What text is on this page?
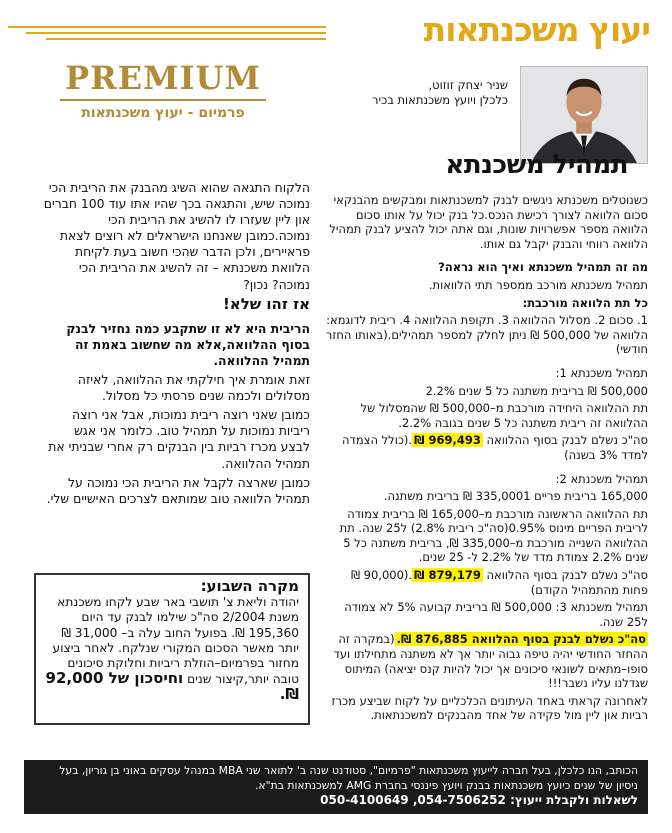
יעוץ משכנתאות
PREMIUM
פרמיום - יעוץ משכנתאות
שניר יצחק זוזוט,
כלכלן ויועץ משכנתאות בכיר
תמהיל משכנתא

כשנוטלים משכנתא ניגשים לבנק למשכנתאות ומבקשים מהבנקאי סכום הלוואה לצורך רכישת הנכס.כל בנק יכול על אותו סכום הלוואה מספר אפשרויות שונות, וגם אתה יכול להציע לבנק תמהיל הלוואה רווחי והבנק יקבל גם אותו.

מה זה תמהיל משכנתא ואיך הוא נראה?

תמהיל משכנתא מורכב ממספר תתי הלוואות.

כל תת הלוואה מורכבת:

1. סכום 2. מסלול ההלוואה 3. תקופת ההלוואה 4. ריבית לדוגמא: הלוואה של 500,000 ₪ ניתן לחלק למספר תמהילים.(באותו החזר חודשי)

תמהיל משכנתא 1:

500,000 ₪ בריבית משתנה כל 5 שנים 2.2%

תת ההלוואה היחידה מורכבת מ–500,000 ₪ שהמסלול של ההלוואה זה ריבית משתנה כל 5 שנים בגובה 2.2%.

סה"כ נשלם לבנק בסוף ההלוואה 969,493 ₪.(כולל הצמדה למדד 3% בשנה)

תמהיל משכנתא 2:

165,000 בריבית פריים 335,0001 ₪ בריבית משתנה.

תת ההלוואה הראשונה מורכבת מ–165,000 ₪ בריבית צמודה לריבית הפריים מינוס 0.95%(סה"כ ריבית 2.8%) ל25 שנה. תת ההלוואה השנייה מורכבת מ–335,000 ₪, בריבית משתנה כל 5 שנים 2.2% צמודת מדד של 2.2% ל- 25 שנים.

סה"כ נשלם לבנק בסוף ההלוואה 879,179 ₪.(90,000 ₪ פחות מהתמהיל הקודם)

תמהיל משכנתא 3: 500,000 ₪ בריבית קבועה 5% לא צמודה ל25 שנה.

סה"כ נשלם לבנק בסוף ההלוואה 876,885 ₪.(במקרה זה ההחזר החודשי יהיה טיפה גבוה יותר אך לא משתנה מתחילתו ועד סופו–מתאים לשונאי סיכונים אך יכול להיות קנס יציאה) המיתוס שגדלנו עליו נשבר!!!

לאחרונה קראתי באחד העיתונים הכלכליים על לקוח שביצע מכרז רביות און ליין מול פקידה של אחד מהבנקים למשכנתאות.

הלקוח התגאה שהוא השיג מהבנק את הריבית הכי נמוכה שיש, והתגאה בכך שהיו אתו עוד 100 חברים און ליין שעזרו לו להשיג את הריבית הכי נמוכה.כמובן שאנחנו הישראלים לא רוצים לצאת פראיירים, ולכן הדבר שהכי חשוב בעת לקיחת הלוואת משכנתא – זה להשיג את הריבית הכי נמוכה? נכון?

אז זהו שלא!

הריבית היא לא זו שתקבע כמה נחזיר לבנק בסוף ההלוואה,אלא מה שחשוב באמת זה תמהיל ההלוואה.

זאת אומרת איך חילקתי את ההלוואה, לאיזה מסלולים ולכמה שנים פרסתי כל מסלול.

כמובן שאני רוצה ריבית נמוכות, אבל אני רוצה ריביות נמוכות על תמהיל טוב. כלומר אני אגש לבצע מכרז רביות בין הבנקים רק אחרי שבניתי את תמהיל ההלוואה.

כמובן שארצה לקבל את הריבית הכי נמוכה על תמהיל הלוואה טוב שמותאם לצרכים האישיים שלי.

מקרה השבוע:
יהודה וליאת צ' תושבי באר שבע לקחו משכנתא משנת 2/2004 סה"כ שילמו לבנק עד היום 195,360 ₪. בפועל החוב עלה ב– 31,000 ₪ יותר מאשר הסכום המקורי שנלקח. לאחר ביצוע מחזור בפרמיום–הוזלת ריביות וחלוקת סיכונים טובה יותר,קיצור שנים וחיסכון של 92,000 ₪.
הכותב, הנו כלכלן, בעל חברה לייעוץ משכנתאות "פרמיום", סטודנט שנה ב' לתואר שני MBA במנהל עסקים באוני בן גוריון, בעל ניסיון של שנים כיועץ משכנתאות בבנק ויועץ פיננסי בחברת AMG למשכנתאות בת"א.
לשאלות ולקבלת ייעוץ: 054-7506252, 050-4100649
